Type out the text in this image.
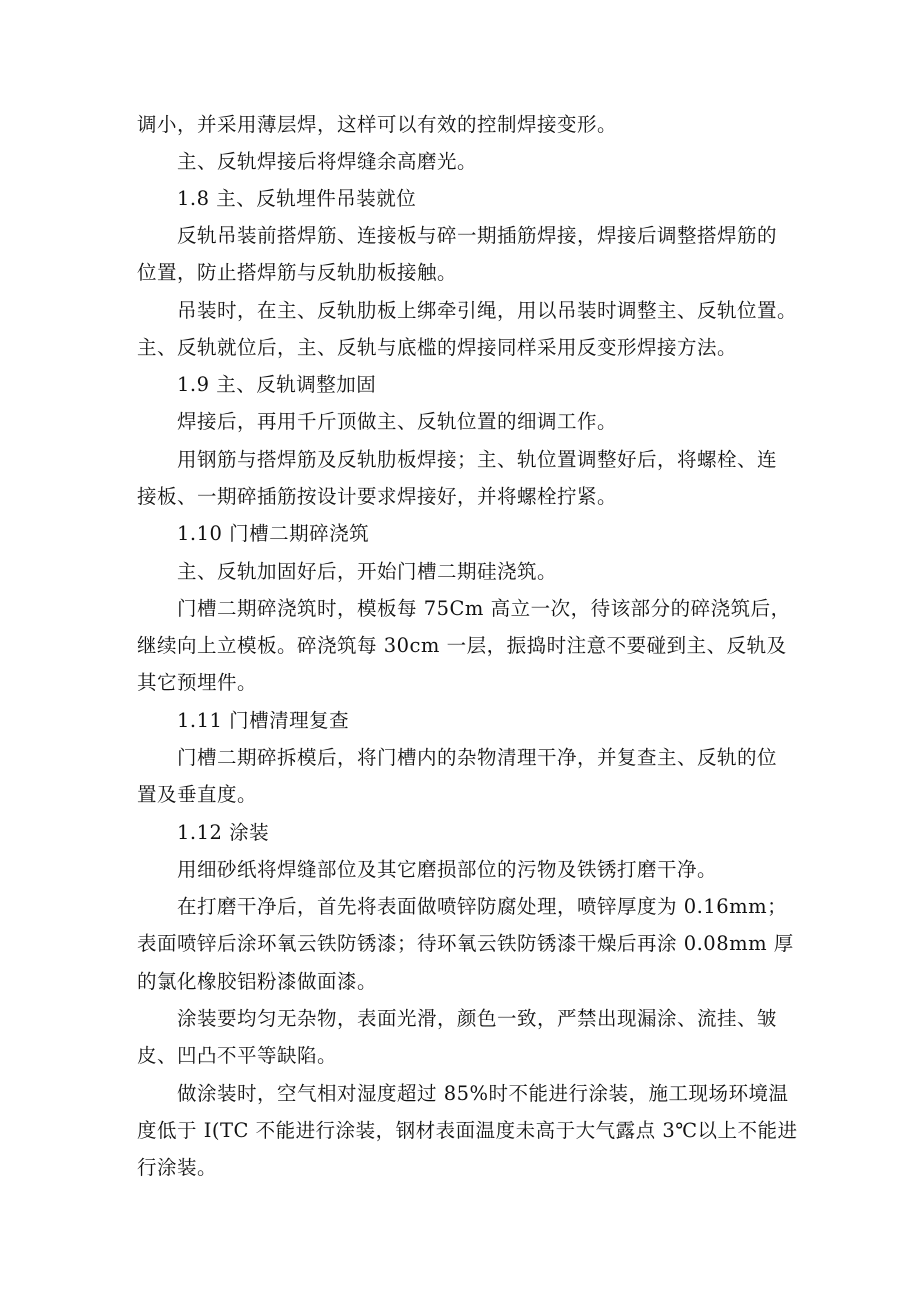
调小，并采用薄层焊，这样可以有效的控制焊接变形。
主、反轨焊接后将焊缝余高磨光。
1.8 主、反轨埋件吊装就位
反轨吊装前搭焊筋、连接板与碎一期插筋焊接，焊接后调整搭焊筋的
位置，防止搭焊筋与反轨肋板接触。
吊装时，在主、反轨肋板上绑牵引绳，用以吊装时调整主、反轨位置。
主、反轨就位后，主、反轨与底槛的焊接同样采用反变形焊接方法。
1.9 主、反轨调整加固
焊接后，再用千斤顶做主、反轨位置的细调工作。
用钢筋与搭焊筋及反轨肋板焊接；主、轨位置调整好后，将螺栓、连
接板、一期碎插筋按设计要求焊接好，并将螺栓拧紧。
1.10 门槽二期碎浇筑
主、反轨加固好后，开始门槽二期硅浇筑。
门槽二期碎浇筑时，模板每 75Cm 高立一次，待该部分的碎浇筑后，
继续向上立模板。碎浇筑每 30cm 一层，振捣时注意不要碰到主、反轨及
其它预埋件。
1.11 门槽清理复查
门槽二期碎拆模后，将门槽内的杂物清理干净，并复查主、反轨的位
置及垂直度。
1.12 涂装
用细砂纸将焊缝部位及其它磨损部位的污物及铁锈打磨干净。
在打磨干净后，首先将表面做喷锌防腐处理，喷锌厚度为 0.16mm；
表面喷锌后涂环氧云铁防锈漆；待环氧云铁防锈漆干燥后再涂 0.08mm 厚
的氯化橡胶铝粉漆做面漆。
涂装要均匀无杂物，表面光滑，颜色一致，严禁出现漏涂、流挂、皱
皮、凹凸不平等缺陷。
做涂装时，空气相对湿度超过 85%时不能进行涂装，施工现场环境温
度低于 I(TC 不能进行涂装，钢材表面温度未高于大气露点 3℃以上不能进
行涂装。
